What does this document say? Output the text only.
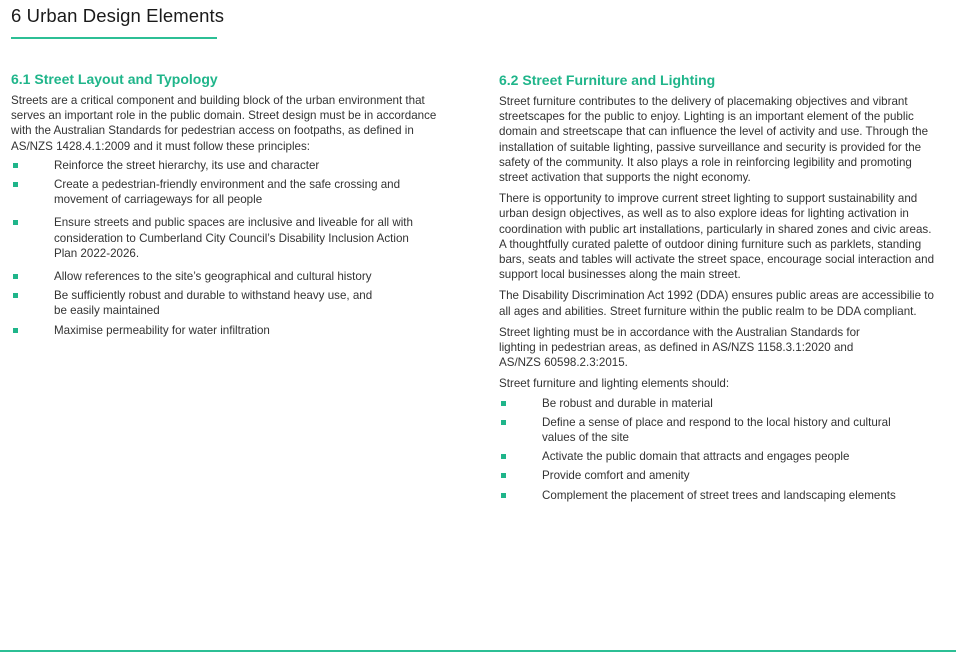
6 Urban Design Elements
6.1 Street Layout and Typology

Streets are a critical component and building block of the urban environment that serves an important role in the public domain. Street design must be in accordance with the Australian Standards for pedestrian access on footpaths, as defined in AS/NZS 1428.4.1:2009 and it must follow these principles:

Reinforce the street hierarchy, its use and character
Create a pedestrian-friendly environment and the safe crossing and movement of carriageways for all people
Ensure streets and public spaces are inclusive and liveable for all with consideration to Cumberland City Council’s Disability Inclusion Action Plan 2022-2026.
Allow references to the site’s geographical and cultural history
Be sufficiently robust and durable to withstand heavy use, and be easily maintained
Maximise permeability for water infiltration
6.2 Street Furniture and Lighting

Street furniture contributes to the delivery of placemaking objectives and vibrant streetscapes for the public to enjoy. Lighting is an important element of the public domain and streetscape that can influence the level of activity and use. Through the installation of suitable lighting, passive surveillance and security is provided for the safety of the community. It also plays a role in reinforcing legibility and promoting street activation that supports the night economy.

There is opportunity to improve current street lighting to support sustainability and urban design objectives, as well as to also explore ideas for lighting activation in coordination with public art installations, particularly in shared zones and civic areas. A thoughtfully curated palette of outdoor dining furniture such as parklets, standing bars, seats and tables will activate the street space, encourage social interaction and support local businesses along the main street.

The Disability Discrimination Act 1992 (DDA) ensures public areas are accessibilie to all ages and abilities. Street furniture within the public realm to be DDA compliant.

Street lighting must be in accordance with the Australian Standards for lighting in pedestrian areas, as defined in AS/NZS 1158.3.1:2020 and AS/NZS 60598.2.3:2015.

Street furniture and lighting elements should:

Be robust and durable in material
Define a sense of place and respond to the local history and cultural values of the site
Activate the public domain that attracts and engages people
Provide comfort and amenity
Complement the placement of street trees and landscaping elements
